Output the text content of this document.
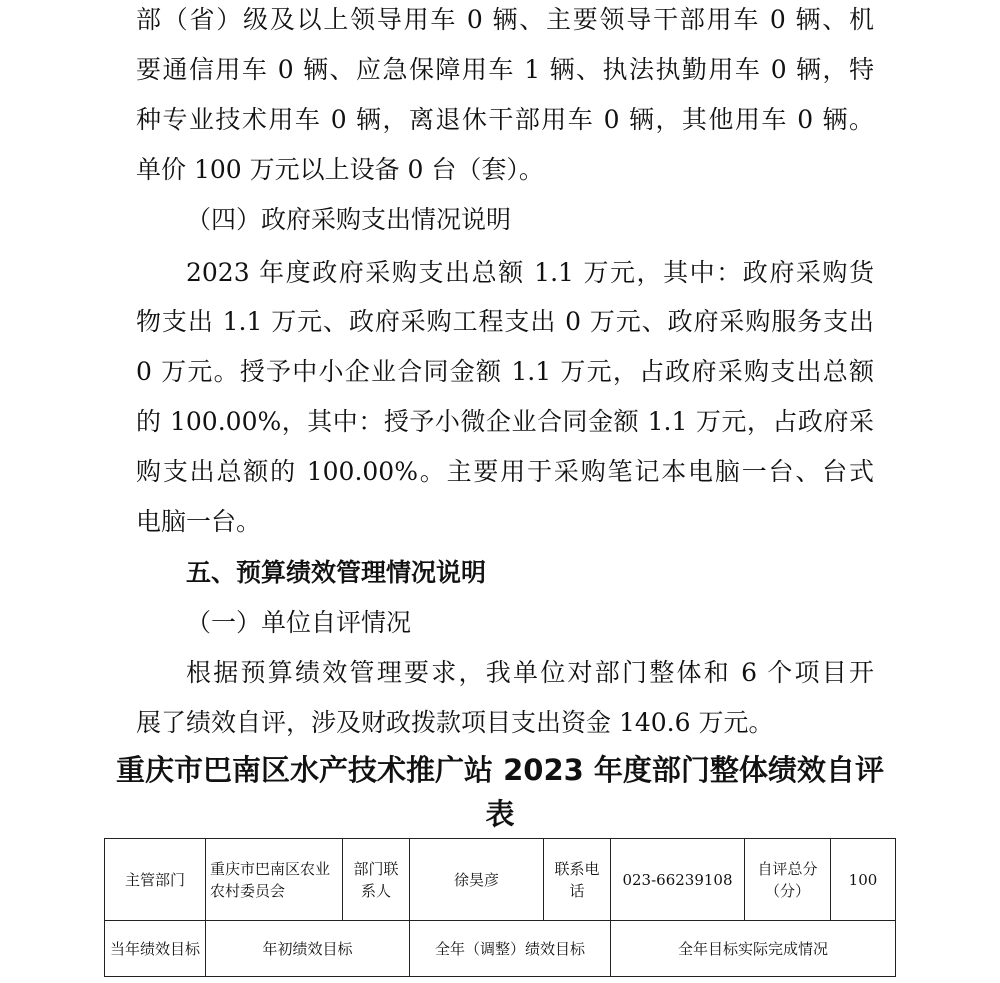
部（省）级及以上领导用车 0 辆、主要领导干部用车 0 辆、机
要通信用车 0 辆、应急保障用车 1 辆、执法执勤用车 0 辆，特
种专业技术用车 0 辆，离退休干部用车 0 辆，其他用车 0 辆。
单价 100 万元以上设备 0 台（套）。
（四）政府采购支出情况说明
2023 年度政府采购支出总额 1.1 万元，其中：政府采购货
物支出 1.1 万元、政府采购工程支出 0 万元、政府采购服务支出
0 万元。授予中小企业合同金额 1.1 万元，占政府采购支出总额
的 100.00%，其中：授予小微企业合同金额 1.1 万元，占政府采
购支出总额的 100.00%。主要用于采购笔记本电脑一台、台式
电脑一台。
五、预算绩效管理情况说明
（一）单位自评情况
根据预算绩效管理要求，我单位对部门整体和 6 个项目开
展了绩效自评，涉及财政拨款项目支出资金 140.6 万元。
重庆市巴南区水产技术推广站 2023 年度部门整体绩效自评
表
主管部门	重庆市巴南区农业农村委员会	部门联系人	徐昊彦	联系电话	023-66239108	自评总分（分）	100
当年绩效目标	年初绩效目标		全年（调整）绩效目标		全年目标实际完成情况		
